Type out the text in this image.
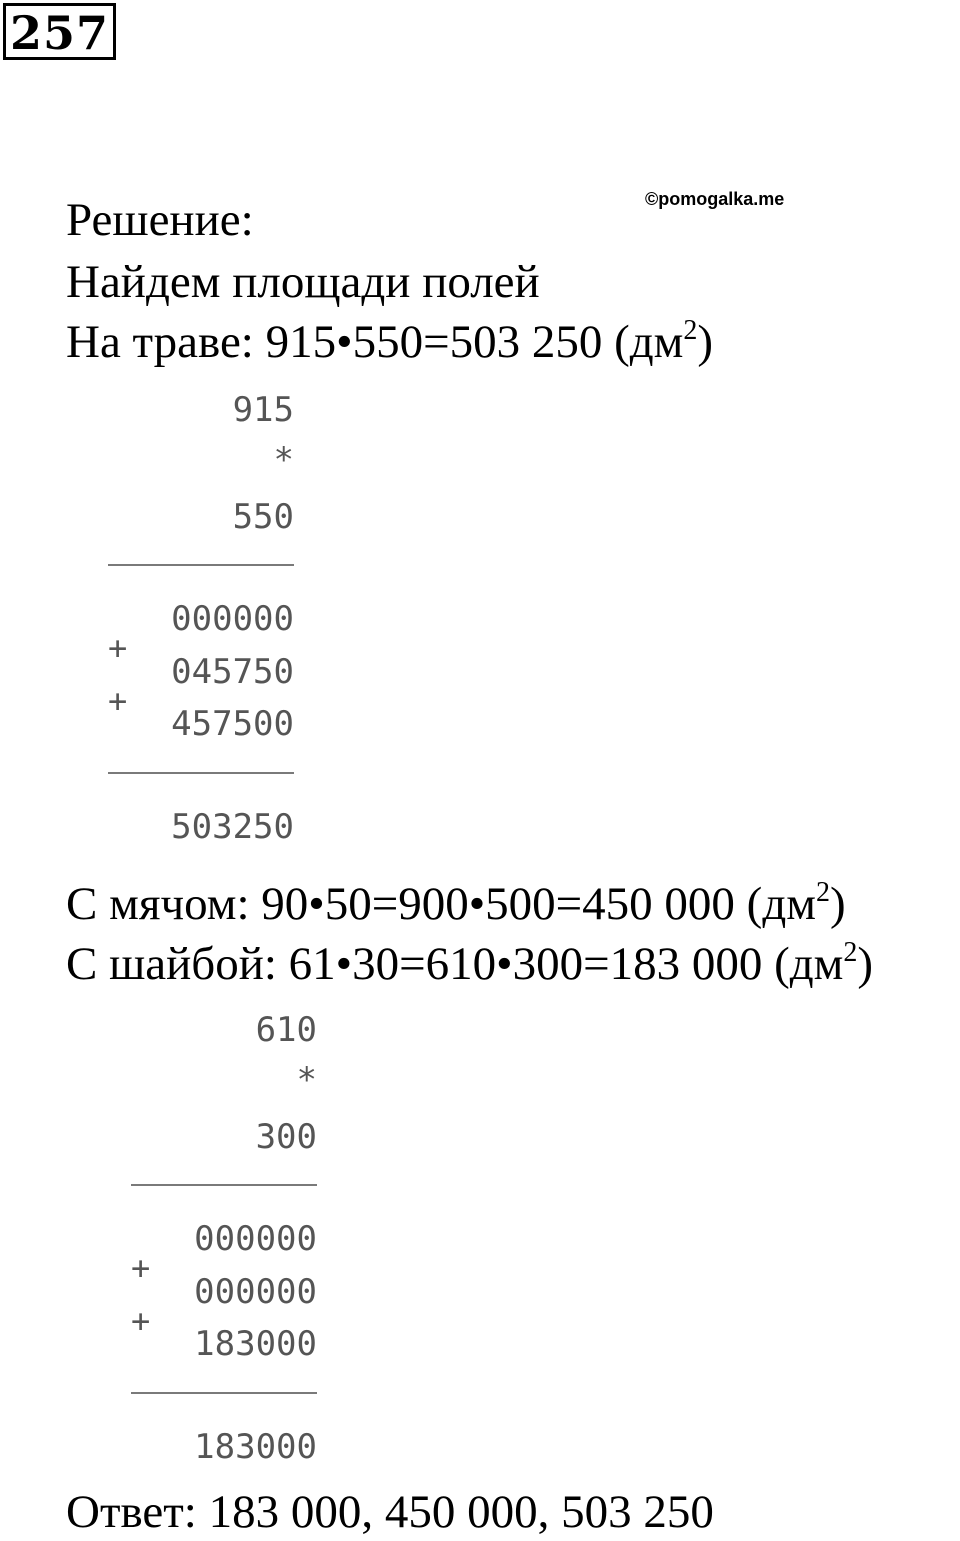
257
©pomogalka.me
Решение:
Найдем площади полей
На траве: 915•550=503 250 $(дм^2)$
915
*
550
000000
+
045750
+
457500
503250
С мячом: 90•50=900•500=450 000 $(дм^2)$
С шайбой: 61•30=610•300=183 000 $(дм^2)$
610
*
300
000000
+
000000
+
183000
183000
Ответ: 183 000, 450 000, 503 250
